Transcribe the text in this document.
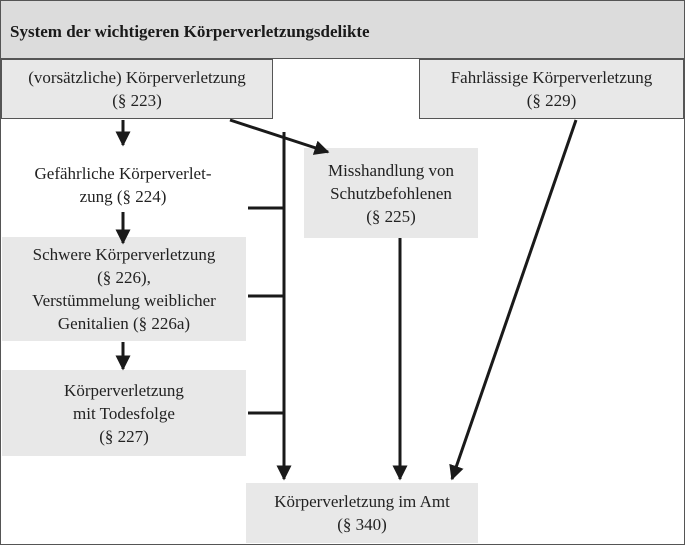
System der wichtigeren Körperverletzungsdelikte
(vorsätzliche) Körperverletzung
(§ 223)
Fahrlässige Körperverletzung
(§ 229)
Gefährliche Körperverlet-
zung (§ 224)
Misshandlung von
Schutzbefohlenen
(§ 225)
Schwere Körperverletzung
(§ 226),
Verstümmelung weiblicher
Genitalien (§ 226a)
Körperverletzung
mit Todesfolge
(§ 227)
Körperverletzung im Amt
(§ 340)
